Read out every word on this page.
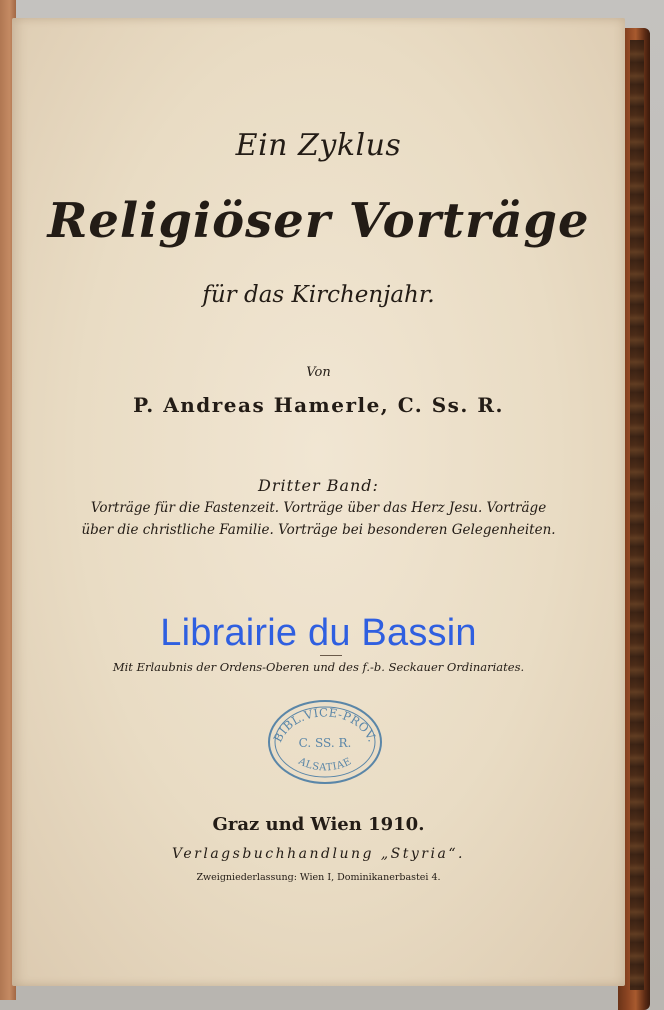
Ein Zyklus
Religiöser Vorträge
für das Kirchenjahr.
Von
P. Andreas Hamerle, C. Ss. R.
Dritter Band:
Vorträge für die Fastenzeit. Vorträge über das Herz Jesu. Vorträge
über die christliche Familie. Vorträge bei besonderen Gelegenheiten.
Librairie du Bassin
Mit Erlaubnis der Ordens-Oberen und des f.-b. Seckauer Ordinariates.
BIBL.VICE-PROV.
C. SS. R.
ALSATIAE
Graz und Wien 1910.
Verlagsbuchhandlung „Styria“.
Zweigniederlassung: Wien I, Dominikanerbastei 4.
